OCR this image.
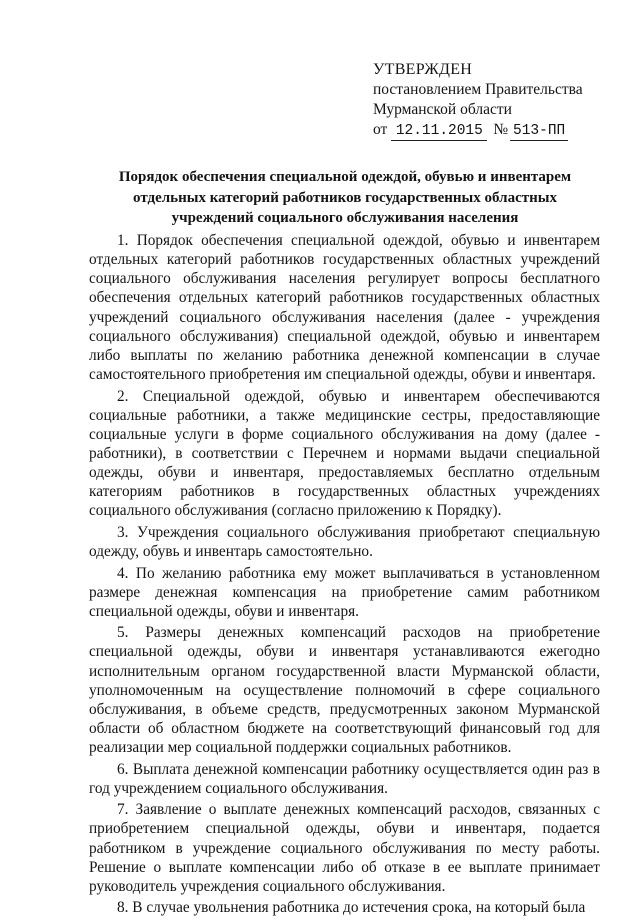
УТВЕРЖДЕН
постановлением Правительства
Мурманской области
от 12.11.2015 № 513-ПП
Порядок обеспечения специальной одеждой, обувью и инвентарем отдельных категорий работников государственных областных учреждений социального обслуживания населения

1. Порядок обеспечения специальной одеждой, обувью и инвентарем отдельных категорий работников государственных областных учреждений социального обслуживания населения регулирует вопросы бесплатного обеспечения отдельных категорий работников государственных областных учреждений социального обслуживания населения (далее - учреждения социального обслуживания) специальной одеждой, обувью и инвентарем либо выплаты по желанию работника денежной компенсации в случае самостоятельного приобретения им специальной одежды, обуви и инвентаря.

2. Специальной одеждой, обувью и инвентарем обеспечиваются социальные работники, а также медицинские сестры, предоставляющие социальные услуги в форме социального обслуживания на дому (далее - работники), в соответствии с Перечнем и нормами выдачи специальной одежды, обуви и инвентаря, предоставляемых бесплатно отдельным категориям работников в государственных областных учреждениях социального обслуживания (согласно приложению к Порядку).

3. Учреждения социального обслуживания приобретают специальную одежду, обувь и инвентарь самостоятельно.

4. По желанию работника ему может выплачиваться в установленном размере денежная компенсация на приобретение самим работником специальной одежды, обуви и инвентаря.

5. Размеры денежных компенсаций расходов на приобретение специальной одежды, обуви и инвентаря устанавливаются ежегодно исполнительным органом государственной власти Мурманской области, уполномоченным на осуществление полномочий в сфере социального обслуживания, в объеме средств, предусмотренных законом Мурманской области об областном бюджете на соответствующий финансовый год для реализации мер социальной поддержки социальных работников.

6. Выплата денежной компенсации работнику осуществляется один раз в год учреждением социального обслуживания.

7. Заявление о выплате денежных компенсаций расходов, связанных с приобретением специальной одежды, обуви и инвентаря, подается работником в учреждение социального обслуживания по месту работы. Решение о выплате компенсации либо об отказе в ее выплате принимает руководитель учреждения социального обслуживания.

8. В случае увольнения работника до истечения срока, на который была
